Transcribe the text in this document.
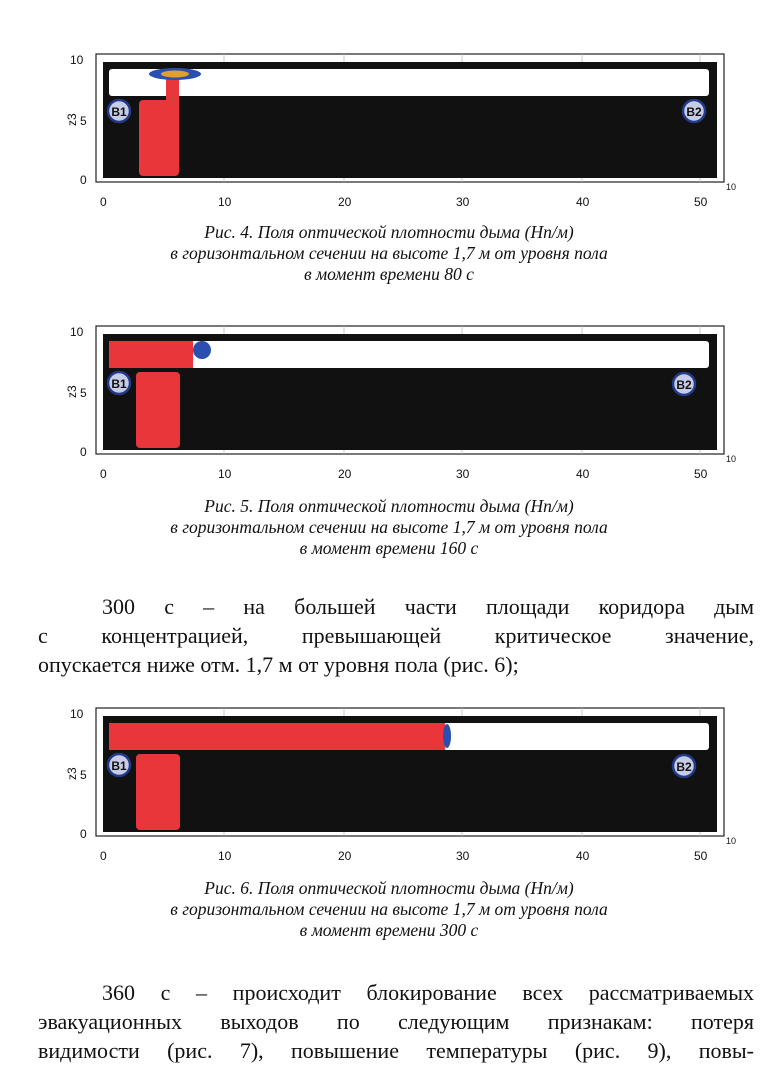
B1	B2
10
5
0
z3
0	10	20	30	40	50
10
Рис. 4. Поля оптической плотности дыма (Нп/м)
в горизонтальном сечении на высоте 1,7 м от уровня пола
в момент времени 80 с
B1	B2
10
5
0
z3
0	10	20	30	40	50
10
Рис. 5. Поля оптической плотности дыма (Нп/м)
в горизонтальном сечении на высоте 1,7 м от уровня пола
в момент времени 160 с
300 с – на большей части площади коридора дым
с концентрацией, превышающей критическое значение,
опускается ниже отм. 1,7 м от уровня пола (рис. 6);
B1	B2
10
5
0
z3
0	10	20	30	40	50
10
Рис. 6. Поля оптической плотности дыма (Нп/м)
в горизонтальном сечении на высоте 1,7 м от уровня пола
в момент времени 300 с
360 с – происходит блокирование всех рассматриваемых
эвакуационных выходов по следующим признакам: потеря
видимости (рис. 7), повышение температуры (рис. 9), повы-
